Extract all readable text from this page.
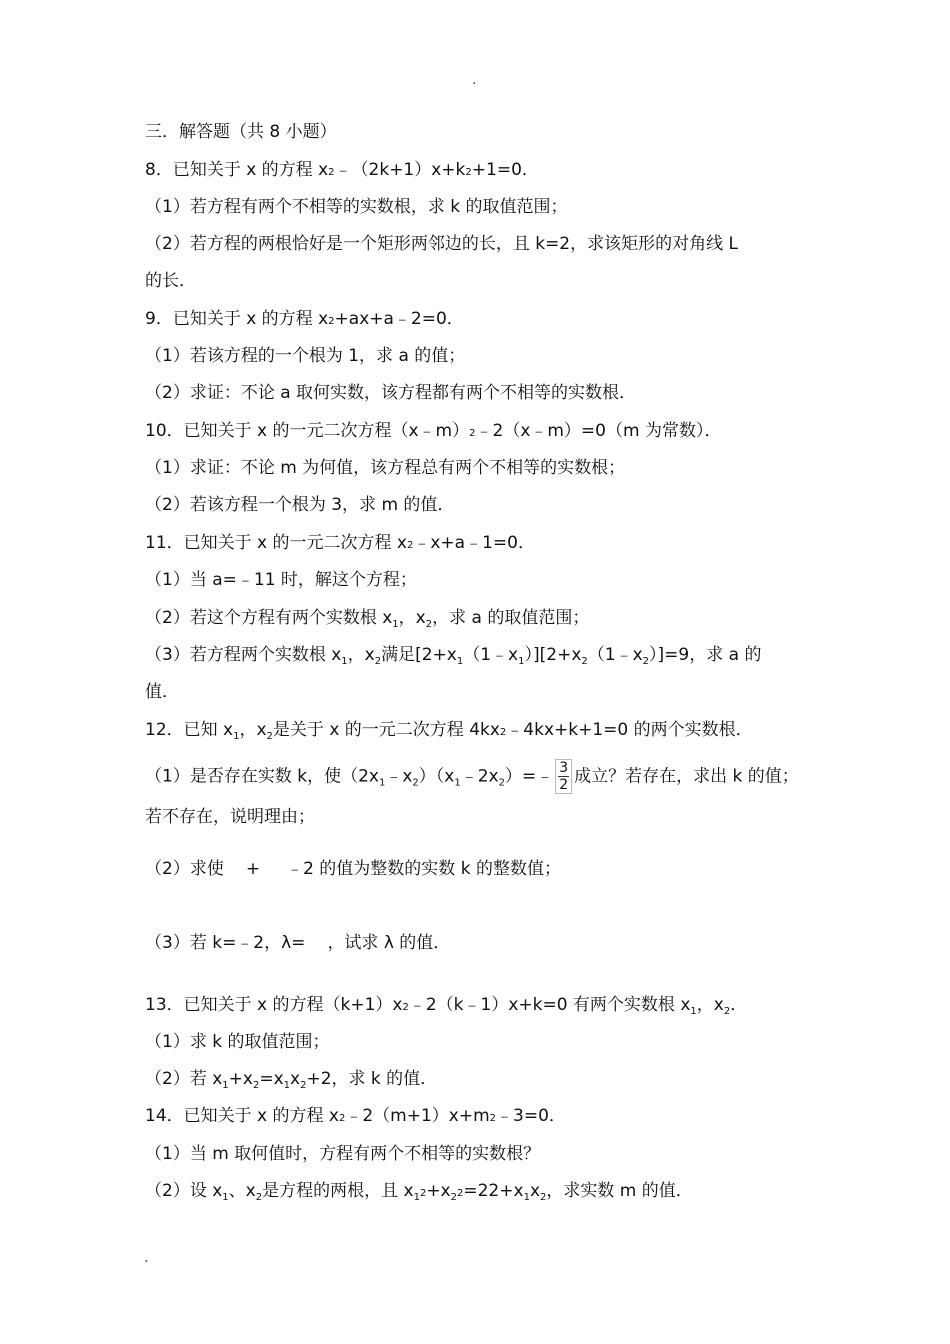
.
三．解答题（共 8 小题）
8．已知关于 x 的方程 x2﹣（2k+1）x+k2+1=0．
（1）若方程有两个不相等的实数根，求 k 的取值范围；
（2）若方程的两根恰好是一个矩形两邻边的长，且 k=2，求该矩形的对角线 L
的长．
9．已知关于 x 的方程 x2+ax+a﹣2=0．
（1）若该方程的一个根为 1，求 a 的值；
（2）求证：不论 a 取何实数，该方程都有两个不相等的实数根．
10．已知关于 x 的一元二次方程（x﹣m）2﹣2（x﹣m）=0（m 为常数）．
（1）求证：不论 m 为何值，该方程总有两个不相等的实数根；
（2）若该方程一个根为 3，求 m 的值．
11．已知关于 x 的一元二次方程 x2﹣x+a﹣1=0．
（1）当 a=﹣11 时，解这个方程；
（2）若这个方程有两个实数根 $x_1$，$x_2$，求 a 的取值范围；
（3）若方程两个实数根 $x_1$，$x_2$满足$[2+x_1(1﹣x_1)][2+x_2(1﹣x_2)]=9$，求 a 的
值．
12．已知 $x_1$，$x_2$是关于 x 的一元二次方程 4kx2﹣4kx+k+1=0 的两个实数根．
（1）是否存在实数 k，使$(2x_1﹣x_2)(x_1﹣2x_2)=﹣ \frac{3}{2}$ 成立？若存在，求出 k 的值；
若不存在，说明理由；
（2）求使 + ﹣2 的值为整数的实数 k 的整数值；
（3）若 k=﹣2，λ= ，试求 λ 的值．
13．已知关于 x 的方程（k+1）x2﹣2（k﹣1）x+k=0 有两个实数根 $x_1$，$x_2$．
（1）求 k 的取值范围；
（2）若 $x_1+x_2=x_1x_2+2$，求 k 的值．
14．已知关于 x 的方程 x2﹣2（m+1）x+m2﹣3=0．
（1）当 m 取何值时，方程有两个不相等的实数根？
（2）设 $x_1$、$x_2$是方程的两根，且 $x_12+x_22=22+x_1x_2$，求实数 m 的值．
.
